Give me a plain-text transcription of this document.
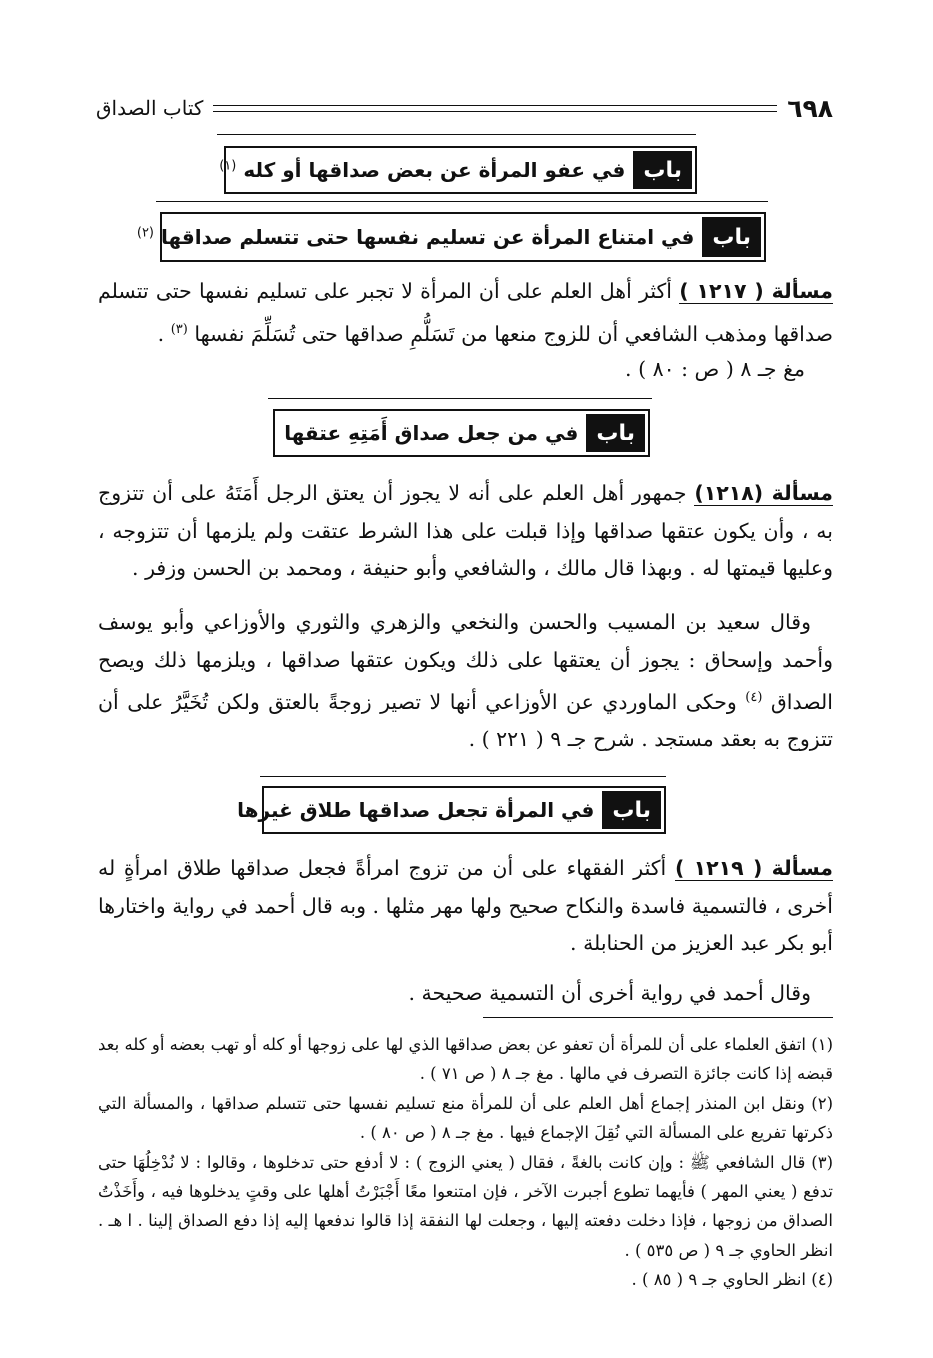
٦٩٨
كتاب الصداق
باب
في عفو المرأة عن بعض صداقها أو كله $^{(١)}$
باب
في امتناع المرأة عن تسليم نفسها حتى تتسلم صداقها $^{(٢)}$
مسألة ( ١٢١٧ ) أكثر أهل العلم على أن المرأة لا تجبر على تسليم نفسها حتى تتسلم صداقها ومذهب الشافعي أن للزوج منعها من تَسَلُّمِ صداقها حتى تُسَلِّمَ نفسها $^{(٣)}$ .
مغ جـ ٨ ( ص : ٨٠ ) .
باب
في من جعل صداق أَمَتِهِ عتقها
مسألة (١٢١٨) جمهور أهل العلم على أنه لا يجوز أن يعتق الرجل أَمَتَهُ على أن تتزوج به ، وأن يكون عتقها صداقها وإذا قبلت على هذا الشرط عتقت ولم يلزمها أن تتزوجه ، وعليها قيمتها له . وبهذا قال مالك ، والشافعي وأبو حنيفة ، ومحمد بن الحسن وزفر .
وقال سعيد بن المسيب والحسن والنخعي والزهري والثوري والأوزاعي وأبو يوسف وأحمد وإسحاق : يجوز أن يعتقها على ذلك ويكون عتقها صداقها ، ويلزمها ذلك ويصح الصداق $^{(٤)}$ وحكى الماوردي عن الأوزاعي أنها لا تصير زوجةً بالعتق ولكن تُخَيَّرُ على أن تتزوج به بعقد مستجد . شرح جـ ٩ ( ٢٢١ ) .
باب
في المرأة تجعل صداقها طلاق غيرها
مسألة ( ١٢١٩ ) أكثر الفقهاء على أن من تزوج امرأةً فجعل صداقها طلاق امرأةٍ له أخرى ، فالتسمية فاسدة والنكاح صحيح ولها مهر مثلها . وبه قال أحمد في رواية واختارها أبو بكر عبد العزيز من الحنابلة .
وقال أحمد في رواية أخرى أن التسمية صحيحة .

(١) اتفق العلماء على أن للمرأة أن تعفو عن بعض صداقها الذي لها على زوجها أو كله أو تهب بعضه أو كله بعد قبضه إذا كانت جائزة التصرف في مالها . مغ جـ ٨ ( ص ٧١ ) .

(٢) ونقل ابن المنذر إجماع أهل العلم على أن للمرأة منع تسليم نفسها حتى تتسلم صداقها ، والمسألة التي ذكرتها تفريع على المسألة التي نُقِلَ الإجماع فيها . مغ جـ ٨ ( ص ٨٠ ) .

(٣) قال الشافعي ﷺ : وإن كانت بالغةً ، فقال ( يعني الزوج ) : لا أدفع حتى تدخلوها ، وقالوا : لا نُدْخِلُهَا حتى تدفع ( يعني المهر ) فأيهما تطوع أجبرت الآخر ، فإن امتنعوا معًا أَجْبَرْتُ أهلها على وقتٍ يدخلوها فيه ، وأَخَذْتُ الصداق من زوجها ، فإذا دخلت دفعته إليها ، وجعلت لها النفقة إذا قالوا ندفعها إليه إذا دفع الصداق إلينا . ا هـ . انظر الحاوي جـ ٩ ( ص ٥٣٥ ) .

(٤) انظر الحاوي جـ ٩ ( ٨٥ ) .
